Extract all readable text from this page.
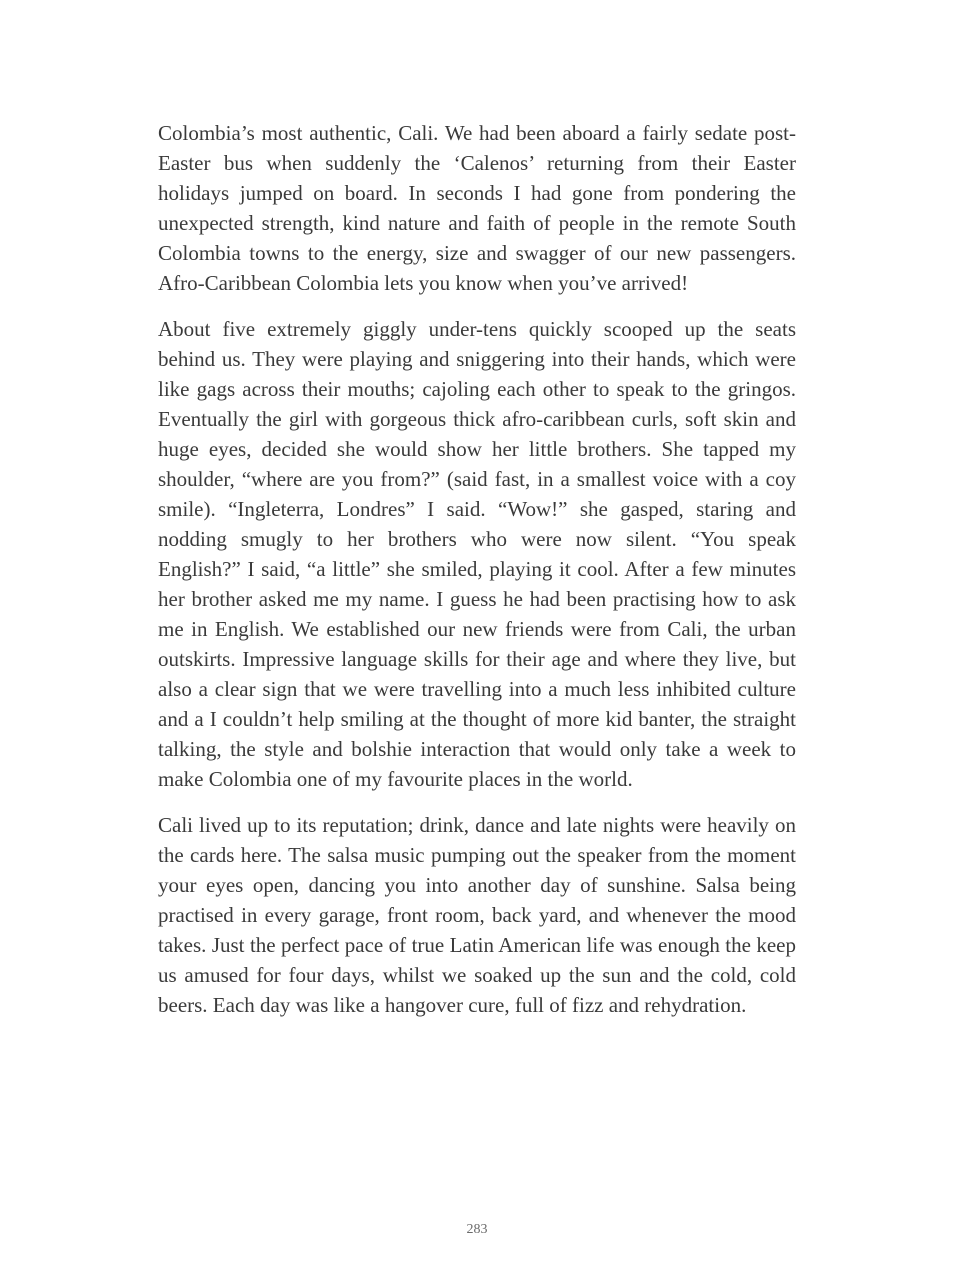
Colombia’s most authentic, Cali. We had been aboard a fairly sedate post-Easter bus when suddenly the ‘Calenos’ returning from their Easter holidays jumped on board. In seconds I had gone from pondering the unexpected strength, kind nature and faith of people in the remote South Colombia towns to the energy, size and swagger of our new passengers. Afro-Caribbean Colombia lets you know when you’ve arrived!

About five extremely giggly under-tens quickly scooped up the seats behind us. They were playing and sniggering into their hands, which were like gags across their mouths; cajoling each other to speak to the gringos. Eventually the girl with gorgeous thick afro-caribbean curls, soft skin and huge eyes, decided she would show her little brothers. She tapped my shoulder, “where are you from?” (said fast, in a smallest voice with a coy smile). “Ingleterra, Londres” I said. “Wow!” she gasped, staring and nodding smugly to her brothers who were now silent. “You speak English?” I said, “a little” she smiled, playing it cool. After a few minutes her brother asked me my name. I guess he had been practising how to ask me in English. We established our new friends were from Cali, the urban outskirts. Impressive language skills for their age and where they live, but also a clear sign that we were travelling into a much less inhibited culture and a I couldn’t help smiling at the thought of more kid banter, the straight talking, the style and bolshie interaction that would only take a week to make Colombia one of my favourite places in the world.

Cali lived up to its reputation; drink, dance and late nights were heavily on the cards here. The salsa music pumping out the speaker from the moment your eyes open, dancing you into another day of sunshine. Salsa being practised in every garage, front room, back yard, and whenever the mood takes. Just the perfect pace of true Latin American life was enough the keep us amused for four days, whilst we soaked up the sun and the cold, cold beers. Each day was like a hangover cure, full of fizz and rehydration.

283
